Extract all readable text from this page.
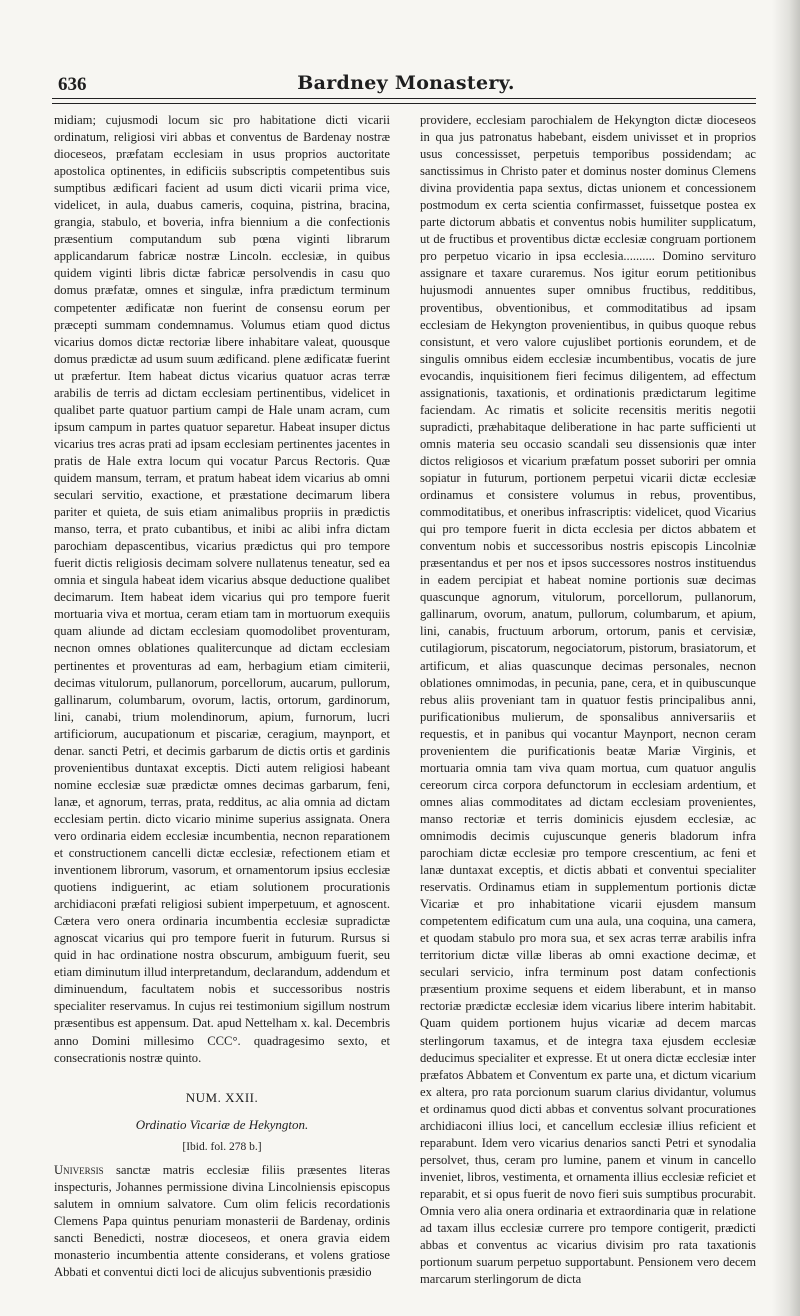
636	Bardney Monastery.

midiam; cujusmodi locum sic pro habitatione dicti vicarii ordinatum, religiosi viri abbas et conventus de Bardenay nostræ dioceseos, præfatam ecclesiam in usus proprios auctoritate apostolica optinentes, in edificiis subscriptis competentibus suis sumptibus ædificari facient ad usum dicti vicarii prima vice, videlicet, in aula, duabus cameris, coquina, pistrina, bracina, grangia, stabulo, et boveria, infra biennium a die confectionis præsentium computandum sub pœna viginti librarum applicandarum fabricæ nostræ Lincoln. ecclesiæ, in quibus quidem viginti libris dictæ fabricæ persolvendis in casu quo domus præfatæ, omnes et singulæ, infra prædictum terminum competenter ædificatæ non fuerint de consensu eorum per præcepti summam condemnamus. Volumus etiam quod dictus vicarius domos dictæ rectoriæ libere inhabitare valeat, quousque domus prædictæ ad usum suum ædificand. plene ædificatæ fuerint ut præfertur. Item habeat dictus vicarius quatuor acras terræ arabilis de terris ad dictam ecclesiam pertinentibus, videlicet in qualibet parte quatuor partium campi de Hale unam acram, cum ipsum campum in partes quatuor separetur. Habeat insuper dictus vicarius tres acras prati ad ipsam ecclesiam pertinentes jacentes in pratis de Hale extra locum qui vocatur Parcus Rectoris. Quæ quidem mansum, terram, et pratum habeat idem vicarius ab omni seculari servitio, exactione, et præstatione decimarum libera pariter et quieta, de suis etiam animalibus propriis in prædictis manso, terra, et prato cubantibus, et inibi ac alibi infra dictam parochiam depascentibus, vicarius prædictus qui pro tempore fuerit dictis religiosis decimam solvere nullatenus teneatur, sed ea omnia et singula habeat idem vicarius absque deductione qualibet decimarum. Item habeat idem vicarius qui pro tempore fuerit mortuaria viva et mortua, ceram etiam tam in mortuorum exequiis quam aliunde ad dictam ecclesiam quomodolibet proventuram, necnon omnes oblationes qualitercunque ad dictam ecclesiam pertinentes et proventuras ad eam, herbagium etiam cimiterii, decimas vitulorum, pullanorum, porcellorum, aucarum, pullorum, gallinarum, columbarum, ovorum, lactis, ortorum, gardinorum, lini, canabi, trium molendinorum, apium, furnorum, lucri artificiorum, aucupationum et piscariæ, ceragium, maynport, et denar. sancti Petri, et decimis garbarum de dictis ortis et gardinis provenientibus duntaxat exceptis. Dicti autem religiosi habeant nomine ecclesiæ suæ prædictæ omnes decimas garbarum, feni, lanæ, et agnorum, terras, prata, redditus, ac alia omnia ad dictam ecclesiam pertin. dicto vicario minime superius assignata. Onera vero ordinaria eidem ecclesiæ incumbentia, necnon reparationem et constructionem cancelli dictæ ecclesiæ, refectionem etiam et inventionem librorum, vasorum, et ornamentorum ipsius ecclesiæ quotiens indiguerint, ac etiam solutionem procurationis archidiaconi præfati religiosi subient imperpetuum, et agnoscent. Cætera vero onera ordinaria incumbentia ecclesiæ supradictæ agnoscat vicarius qui pro tempore fuerit in futurum. Rursus si quid in hac ordinatione nostra obscurum, ambiguum fuerit, seu etiam diminutum illud interpretandum, declarandum, addendum et diminuendum, facultatem nobis et successoribus nostris specialiter reservamus. In cujus rei testimonium sigillum nostrum præsentibus est appensum. Dat. apud Nettelham x. kal. Decembris anno Domini millesimo CCC°. quadragesimo sexto, et consecrationis nostræ quinto.

NUM. XXII.
Ordinatio Vicariæ de Hekyngton.
[Ibid. fol. 278 b.]

Universis sanctæ matris ecclesiæ filiis præsentes literas inspecturis, Johannes permissione divina Lincolniensis episcopus salutem in omnium salvatore. Cum olim felicis recordationis Clemens Papa quintus penuriam monasterii de Bardenay, ordinis sancti Benedicti, nostræ dioceseos, et onera gravia eidem monasterio incumbentia attente considerans, et volens gratiose Abbati et conventui dicti loci de alicujus subventionis præsidio

providere, ecclesiam parochialem de Hekyngton dictæ dioceseos in qua jus patronatus habebant, eisdem univisset et in proprios usus concessisset, perpetuis temporibus possidendam; ac sanctissimus in Christo pater et dominus noster dominus Clemens divina providentia papa sextus, dictas unionem et concessionem postmodum ex certa scientia confirmasset, fuissetque postea ex parte dictorum abbatis et conventus nobis humiliter supplicatum, ut de fructibus et proventibus dictæ ecclesiæ congruam portionem pro perpetuo vicario in ipsa ecclesia.......... Domino servituro assignare et taxare curaremus. Nos igitur eorum petitionibus hujusmodi annuentes super omnibus fructibus, redditibus, proventibus, obventionibus, et commoditatibus ad ipsam ecclesiam de Hekyngton provenientibus, in quibus quoque rebus consistunt, et vero valore cujuslibet portionis eorundem, et de singulis omnibus eidem ecclesiæ incumbentibus, vocatis de jure evocandis, inquisitionem fieri fecimus diligentem, ad effectum assignationis, taxationis, et ordinationis prædictarum legitime faciendam. Ac rimatis et solicite recensitis meritis negotii supradicti, præhabitaque deliberatione in hac parte sufficienti ut omnis materia seu occasio scandali seu dissensionis quæ inter dictos religiosos et vicarium præfatum posset suboriri per omnia sopiatur in futurum, portionem perpetui vicarii dictæ ecclesiæ ordinamus et consistere volumus in rebus, proventibus, commoditatibus, et oneribus infrascriptis: videlicet, quod Vicarius qui pro tempore fuerit in dicta ecclesia per dictos abbatem et conventum nobis et successoribus nostris episcopis Lincolniæ præsentandus et per nos et ipsos successores nostros instituendus in eadem percipiat et habeat nomine portionis suæ decimas quascunque agnorum, vitulorum, porcellorum, pullanorum, gallinarum, ovorum, anatum, pullorum, columbarum, et apium, lini, canabis, fructuum arborum, ortorum, panis et cervisiæ, cutilagiorum, piscatorum, negociatorum, pistorum, brasiatorum, et artificum, et alias quascunque decimas personales, necnon oblationes omnimodas, in pecunia, pane, cera, et in quibuscunque rebus aliis proveniant tam in quatuor festis principalibus anni, purificationibus mulierum, de sponsalibus anniversariis et requestis, et in panibus qui vocantur Maynport, necnon ceram provenientem die purificationis beatæ Mariæ Virginis, et mortuaria omnia tam viva quam mortua, cum quatuor angulis cereorum circa corpora defunctorum in ecclesiam ardentium, et omnes alias commoditates ad dictam ecclesiam provenientes, manso rectoriæ et terris dominicis ejusdem ecclesiæ, ac omnimodis decimis cujuscunque generis bladorum infra parochiam dictæ ecclesiæ pro tempore crescentium, ac feni et lanæ duntaxat exceptis, et dictis abbati et conventui specialiter reservatis. Ordinamus etiam in supplementum portionis dictæ Vicariæ et pro inhabitatione vicarii ejusdem mansum competentem edificatum cum una aula, una coquina, una camera, et quodam stabulo pro mora sua, et sex acras terræ arabilis infra territorium dictæ villæ liberas ab omni exactione decimæ, et seculari servicio, infra terminum post datam confectionis præsentium proxime sequens et eidem liberabunt, et in manso rectoriæ prædictæ ecclesiæ idem vicarius libere interim habitabit. Quam quidem portionem hujus vicariæ ad decem marcas sterlingorum taxamus, et de integra taxa ejusdem ecclesiæ deducimus specialiter et expresse. Et ut onera dictæ ecclesiæ inter præfatos Abbatem et Conventum ex parte una, et dictum vicarium ex altera, pro rata porcionum suarum clarius dividantur, volumus et ordinamus quod dicti abbas et conventus solvant procurationes archidiaconi illius loci, et cancellum ecclesiæ illius reficient et reparabunt. Idem vero vicarius denarios sancti Petri et synodalia persolvet, thus, ceram pro lumine, panem et vinum in cancello inveniet, libros, vestimenta, et ornamenta illius ecclesiæ reficiet et reparabit, et si opus fuerit de novo fieri suis sumptibus procurabit. Omnia vero alia onera ordinaria et extraordinaria quæ in relatione ad taxam illus ecclesiæ currere pro tempore contigerit, prædicti abbas et conventus ac vicarius divisim pro rata taxationis portionum suarum perpetuo supportabunt. Pensionem vero decem marcarum sterlingorum de dicta
